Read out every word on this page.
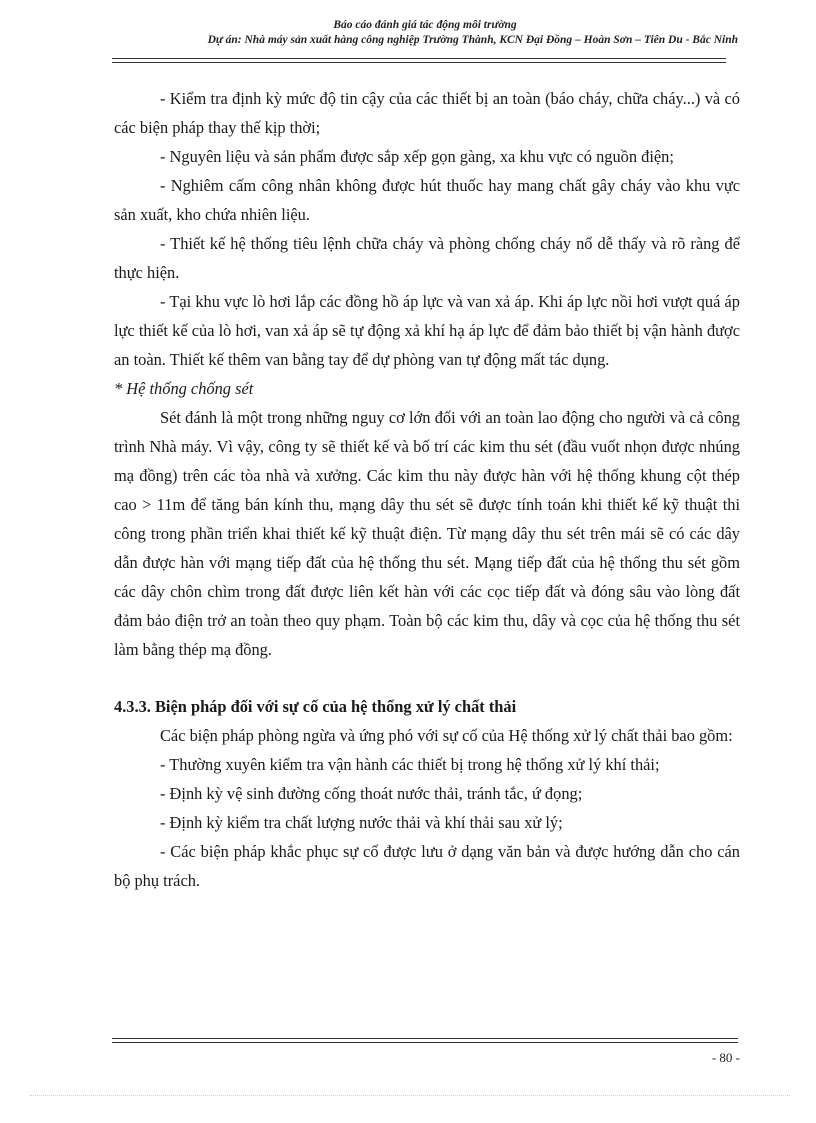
Báo cáo đánh giá tác động môi trường
Dự án: Nhà máy sản xuất hàng công nghiệp Trường Thành, KCN Đại Đồng – Hoàn Sơn – Tiên Du - Bắc Ninh

- Kiểm tra định kỳ mức độ tin cậy của các thiết bị an toàn (báo cháy, chữa cháy...) và có các biện pháp thay thế kịp thời;

- Nguyên liệu và sản phẩm được sắp xếp gọn gàng, xa khu vực có nguồn điện;

- Nghiêm cấm công nhân không được hút thuốc hay mang chất gây cháy vào khu vực sản xuất, kho chứa nhiên liệu.

- Thiết kế hệ thống tiêu lệnh chữa cháy và phòng chống cháy nổ dễ thấy và rõ ràng để thực hiện.

- Tại khu vực lò hơi lắp các đồng hồ áp lực và van xả áp. Khi áp lực nồi hơi vượt quá áp lực thiết kế của lò hơi, van xả áp sẽ tự động xả khí hạ áp lực để đảm bảo thiết bị vận hành được an toàn. Thiết kế thêm van bằng tay để dự phòng van tự động mất tác dụng.

* Hệ thống chống sét

Sét đánh là một trong những nguy cơ lớn đối với an toàn lao động cho người và cả công trình Nhà máy. Vì vậy, công ty sẽ thiết kế và bố trí các kim thu sét (đầu vuốt nhọn được nhúng mạ đồng) trên các tòa nhà và xưởng. Các kim thu này được hàn với hệ thống khung cột thép cao > 11m để tăng bán kính thu, mạng dây thu sét sẽ được tính toán khi thiết kế kỹ thuật thi công trong phần triển khai thiết kế kỹ thuật điện. Từ mạng dây thu sét trên mái sẽ có các dây dẫn được hàn với mạng tiếp đất của hệ thống thu sét. Mạng tiếp đất của hệ thống thu sét gồm các dây chôn chìm trong đất được liên kết hàn với các cọc tiếp đất và đóng sâu vào lòng đất đảm bảo điện trở an toàn theo quy phạm. Toàn bộ các kim thu, dây và cọc của hệ thống thu sét làm bằng thép mạ đồng.

4.3.3. Biện pháp đối với sự cố của hệ thống xử lý chất thải

Các biện pháp phòng ngừa và ứng phó với sự cố của Hệ thống xử lý chất thải bao gồm:

- Thường xuyên kiểm tra vận hành các thiết bị trong hệ thống xử lý khí thải;

- Định kỳ vệ sinh đường cống thoát nước thải, tránh tắc, ứ đọng;

- Định kỳ kiểm tra chất lượng nước thải và khí thải sau xử lý;

- Các biện pháp khắc phục sự cố được lưu ở dạng văn bản và được hướng dẫn cho cán bộ phụ trách.

- 80 -
